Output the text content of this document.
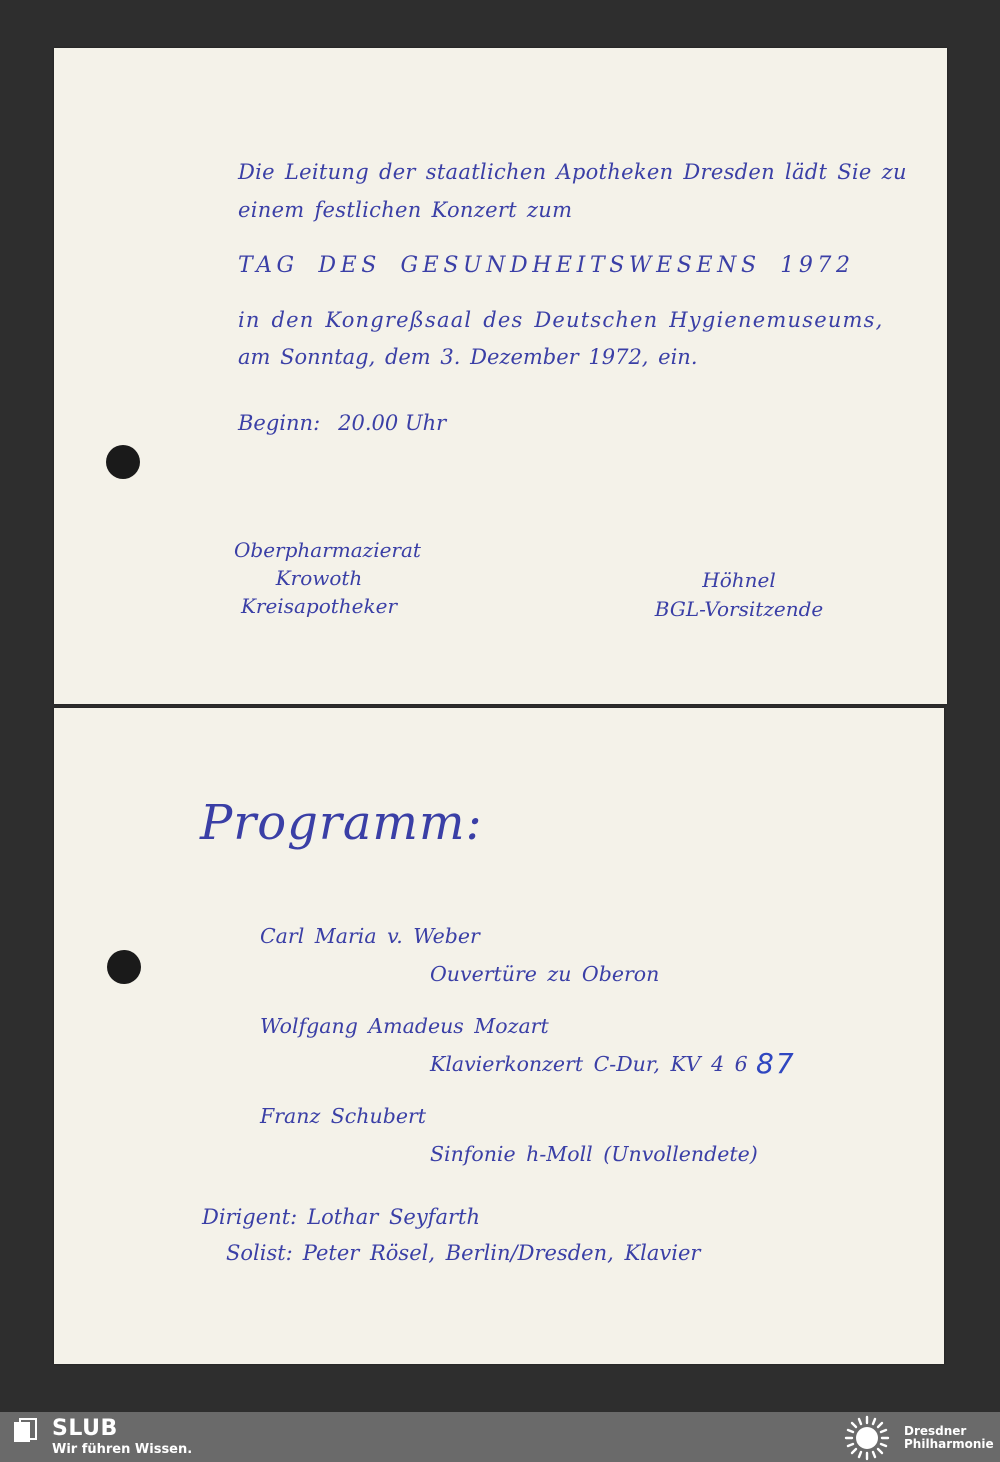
Die Leitung der staatlichen Apotheken Dresden lädt Sie zu
einem festlichen Konzert zum
TAG DES GESUNDHEITSWESENS 1972
in den Kongreßsaal des Deutschen Hygienemuseums,
am Sonntag, dem 3. Dezember 1972, ein.
Beginn: 20.00 Uhr
Oberpharmazierat
Krowoth
Kreisapotheker
Höhnel
BGL-Vorsitzende
Programm:
Carl Maria v. Weber
Ouvertüre zu Oberon
Wolfgang Amadeus Mozart
Klavierkonzert C-Dur, KV 4 6 87
Franz Schubert
Sinfonie h-Moll (Unvollendete)
Dirigent: Lothar Seyfarth
Solist: Peter Rösel, Berlin/Dresden, Klavier
SLUB
Wir führen Wissen.
Dresdner
Philharmonie
